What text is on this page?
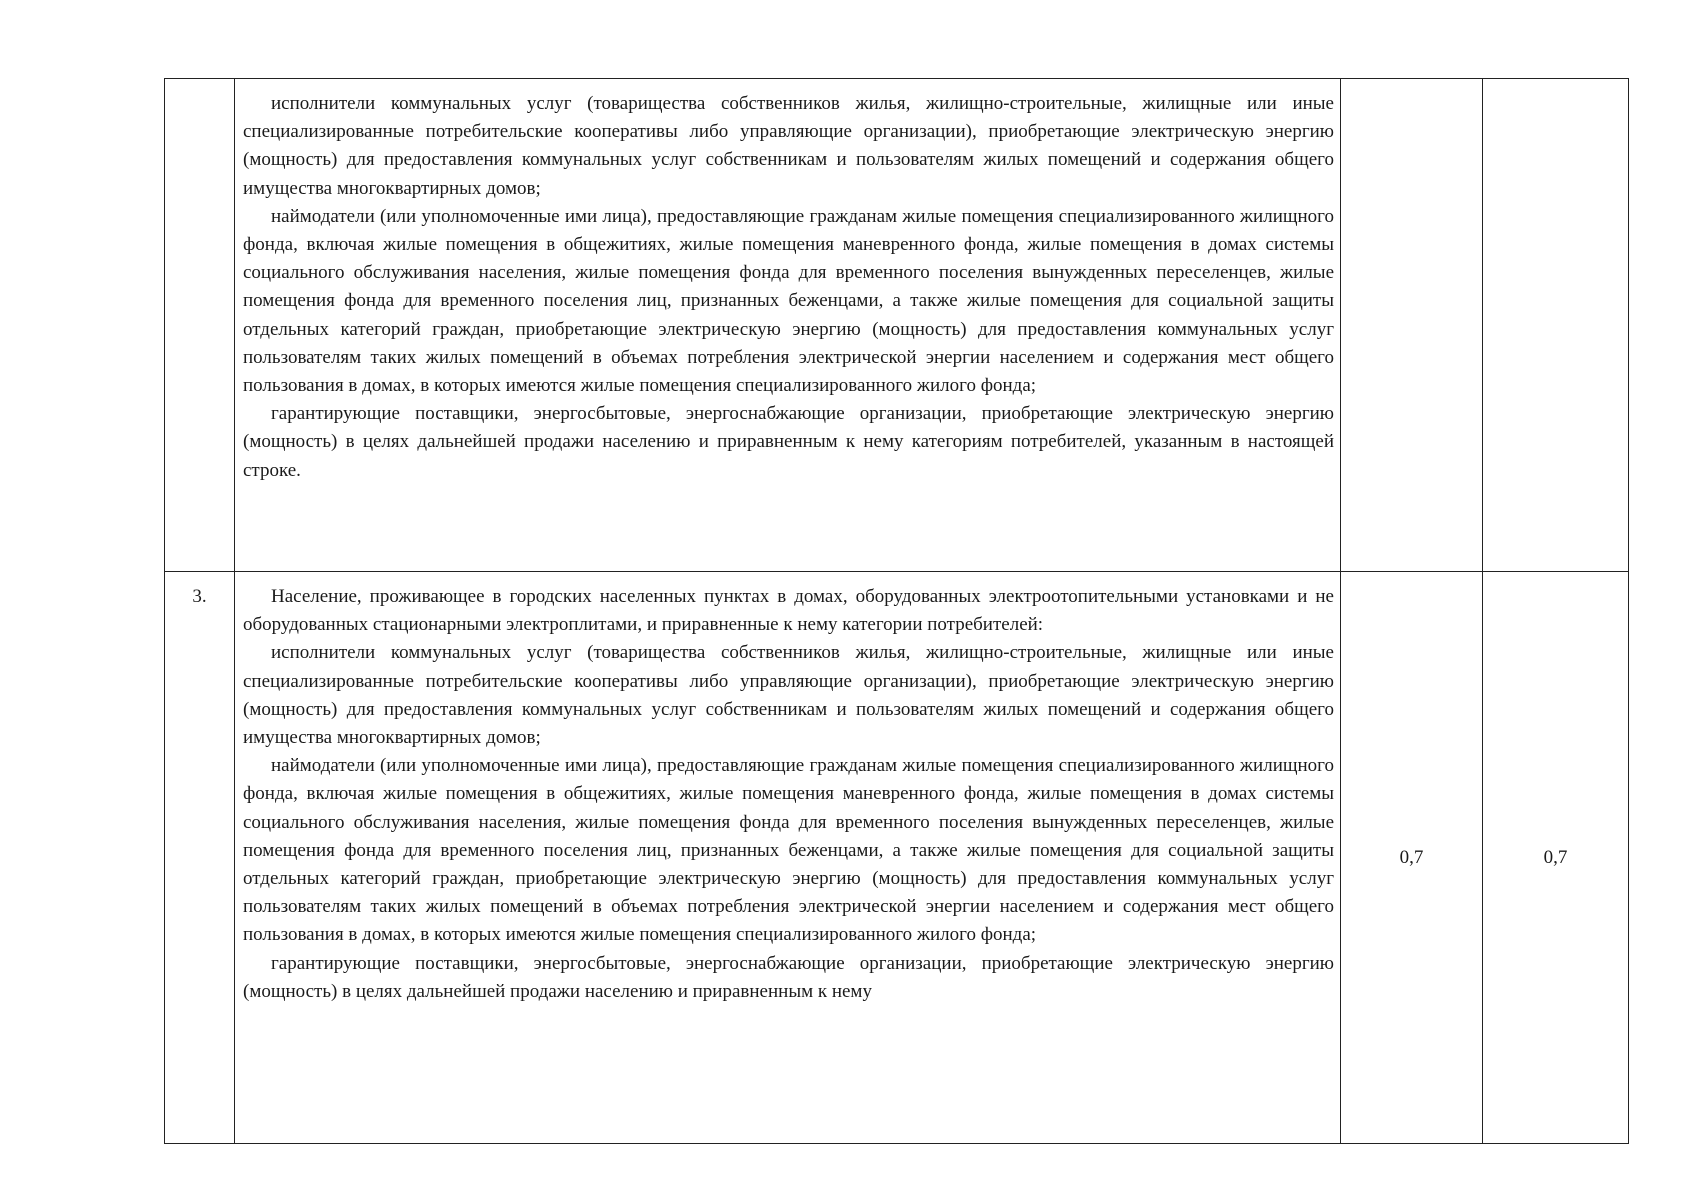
	исполнители коммунальных услуг (товарищества собственников жилья, жилищно-строительные, жилищные или иные специализированные потребительские кооперативы либо управляющие организации), приобретающие электрическую энергию (мощность) для предоставления коммунальных услуг собственникам и пользователям жилых помещений и содержания общего имущества многоквартирных домов;

наймодатели (или уполномоченные ими лица), предоставляющие гражданам жилые помещения специализированного жилищного фонда, включая жилые помещения в общежитиях, жилые помещения маневренного фонда, жилые помещения в домах системы социального обслуживания населения, жилые помещения фонда для временного поселения вынужденных переселенцев, жилые помещения фонда для временного поселения лиц, признанных беженцами, а также жилые помещения для социальной защиты отдельных категорий граждан, приобретающие электрическую энергию (мощность) для предоставления коммунальных услуг пользователям таких жилых помещений в объемах потребления электрической энергии населением и содержания мест общего пользования в домах, в которых имеются жилые помещения специализированного жилого фонда;

гарантирующие поставщики, энергосбытовые, энергоснабжающие организации, приобретающие электрическую энергию (мощность) в целях дальнейшей продажи населению и приравненным к нему категориям потребителей, указанным в настоящей строке.		

3.	Население, проживающее в городских населенных пунктах в домах, оборудованных электроотопительными установками и не оборудованных стационарными электроплитами, и приравненные к нему категории потребителей:

исполнители коммунальных услуг (товарищества собственников жилья, жилищно-строительные, жилищные или иные специализированные потребительские кооперативы либо управляющие организации), приобретающие электрическую энергию (мощность) для предоставления коммунальных услуг собственникам и пользователям жилых помещений и содержания общего имущества многоквартирных домов;

наймодатели (или уполномоченные ими лица), предоставляющие гражданам жилые помещения специализированного жилищного фонда, включая жилые помещения в общежитиях, жилые помещения маневренного фонда, жилые помещения в домах системы социального обслуживания населения, жилые помещения фонда для временного поселения вынужденных переселенцев, жилые помещения фонда для временного поселения лиц, признанных беженцами, а также жилые помещения для социальной защиты отдельных категорий граждан, приобретающие электрическую энергию (мощность) для предоставления коммунальных услуг пользователям таких жилых помещений в объемах потребления электрической энергии населением и содержания мест общего пользования в домах, в которых имеются жилые помещения специализированного жилого фонда;

гарантирующие поставщики, энергосбытовые, энергоснабжающие организации, приобретающие электрическую энергию (мощность) в целях дальнейшей продажи населению и приравненным к нему	0,7	0,7
